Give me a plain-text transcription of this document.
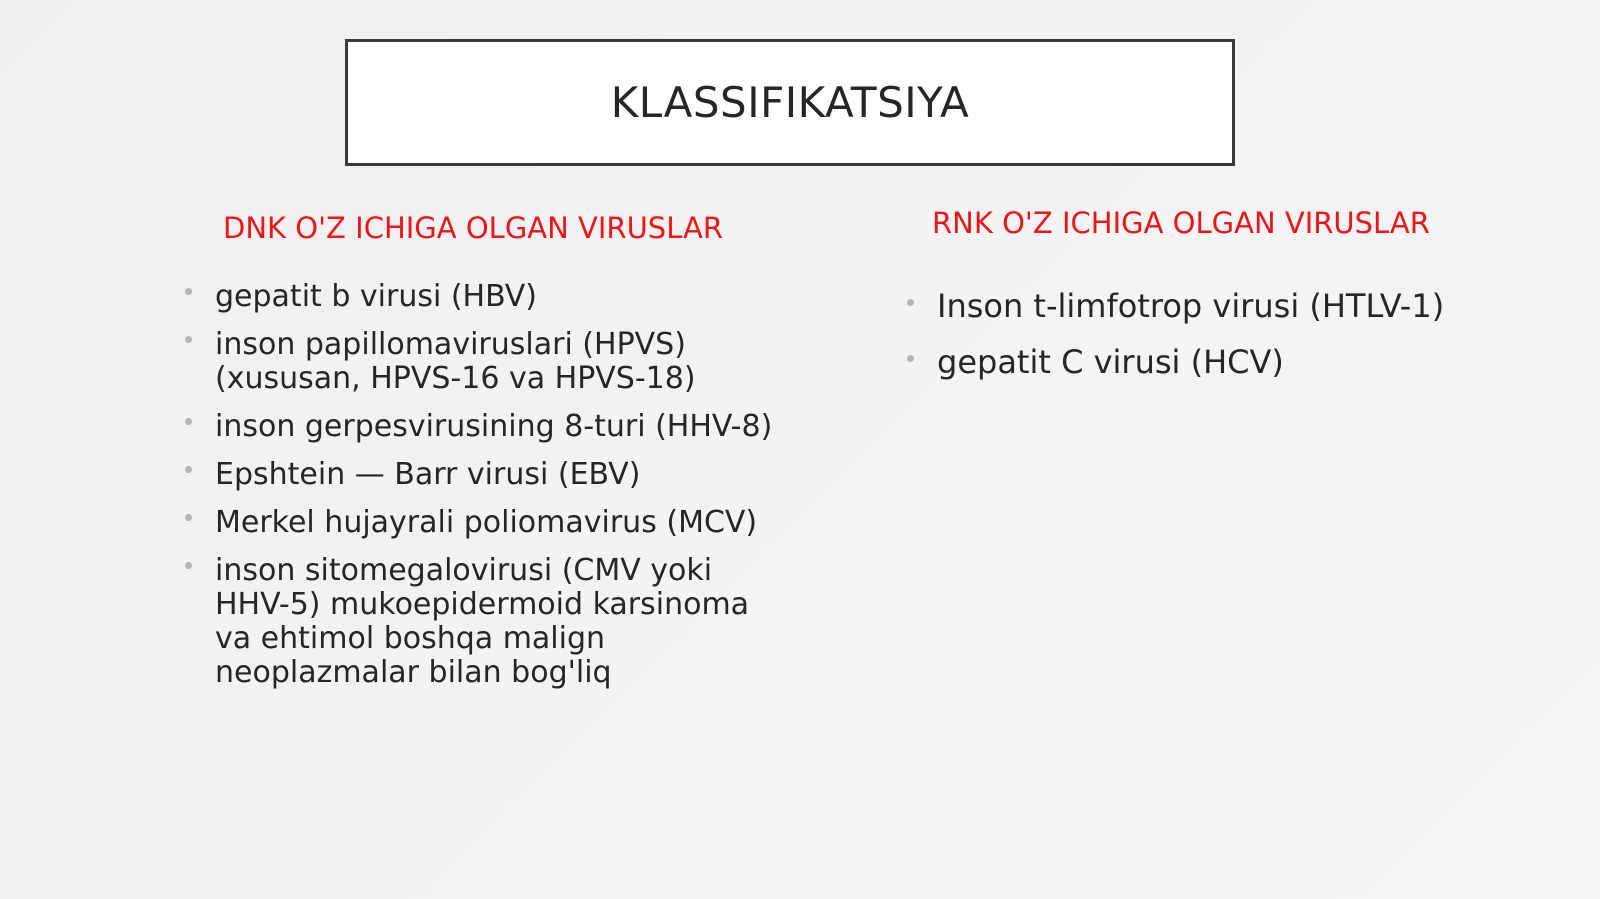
KLASSIFIKATSIYA
DNK O'Z ICHIGA OLGAN VIRUSLAR	RNK O'Z ICHIGA OLGAN VIRUSLAR
gepatit b virusi (HBV)
inson papillomaviruslari (HPVS) (xususan, HPVS-16 va HPVS-18)
inson gerpesvirusining 8-turi (HHV-8)
Epshtein — Barr virusi (EBV)
Merkel hujayrali poliomavirus (MCV)
inson sitomegalovirusi (CMV yoki HHV-5) mukoepidermoid karsinoma va ehtimol boshqa malign neoplazmalar bilan bog'liq
Inson t-limfotrop virusi (HTLV-1)
gepatit C virusi (HCV)
